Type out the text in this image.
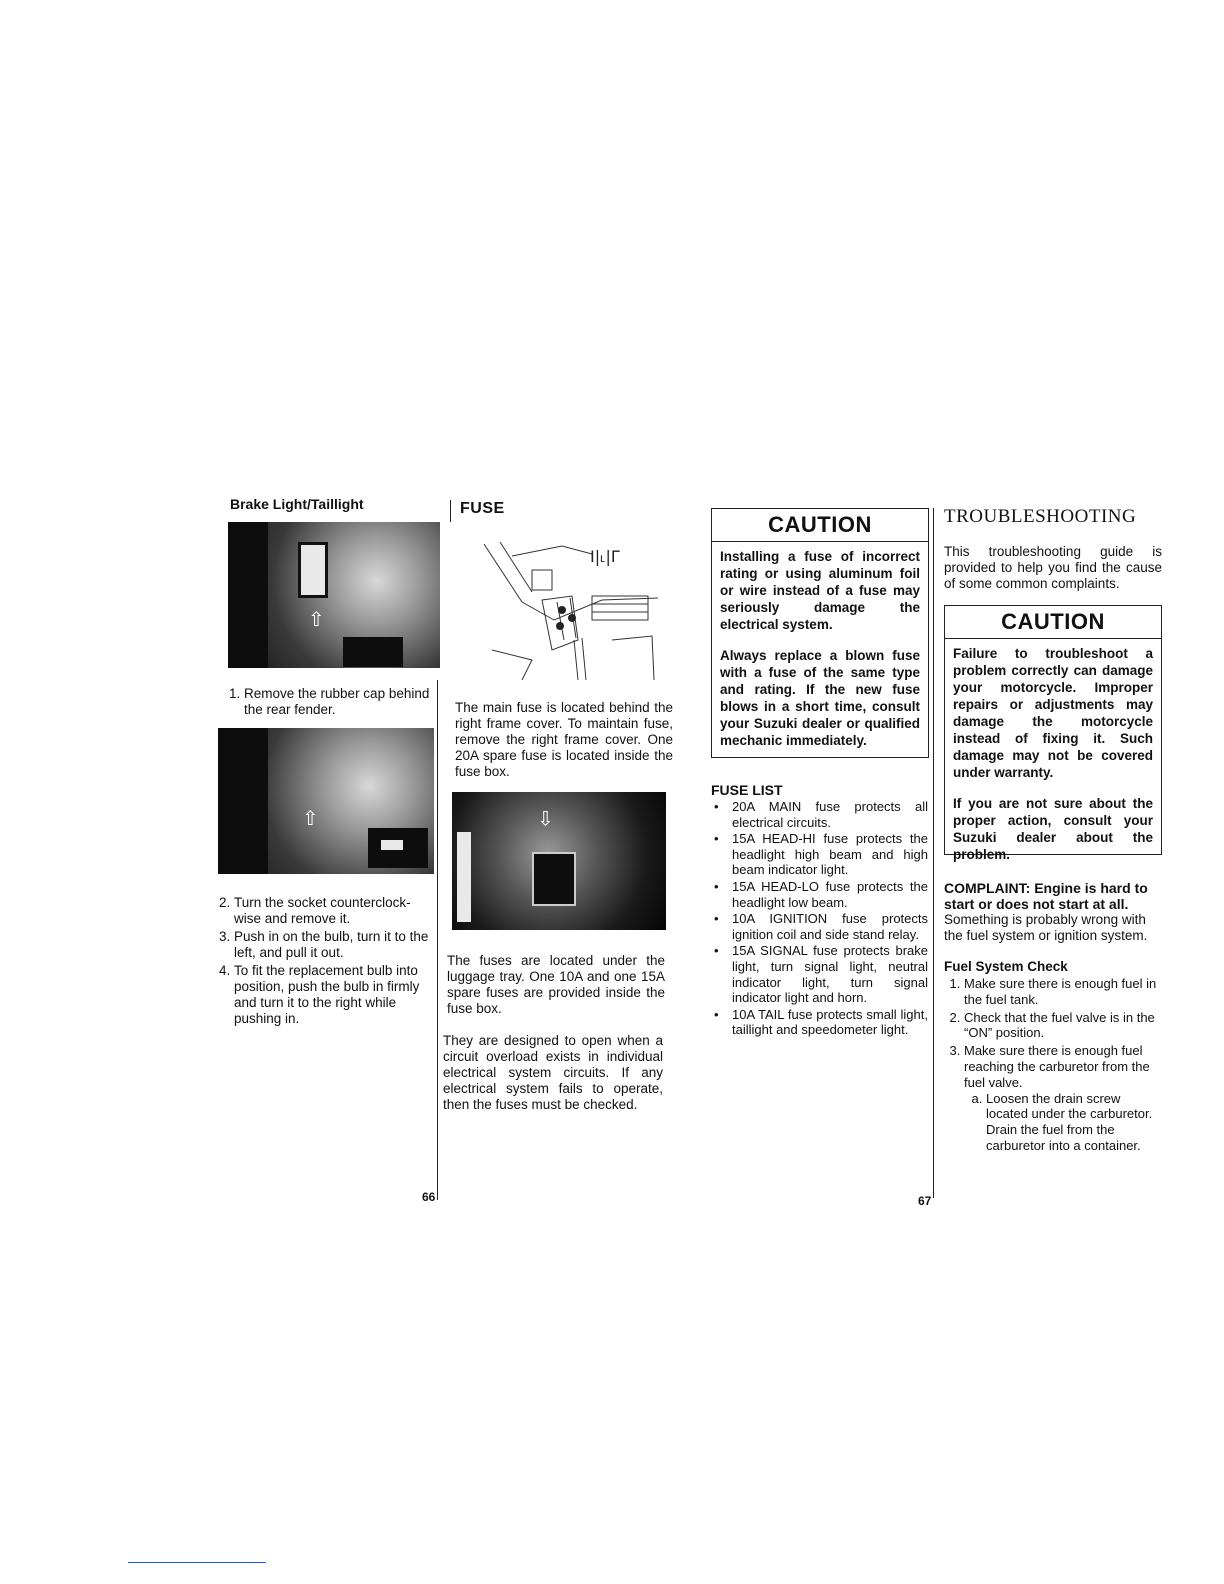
Brake Light/Taillight
⇧
1. Remove the rubber cap behind the rear fender.
⇧
2. Turn the socket counterclock-wise and remove it.
3. Push in on the bulb, turn it to the left, and pull it out.
4. To fit the replacement bulb into position, push the bulb in firmly and turn it to the right while pushing in.
FUSE
I|˪|Γ
The main fuse is located behind the right frame cover. To maintain fuse, remove the right frame cover. One 20A spare fuse is located inside the fuse box.
⇧
The fuses are located under the luggage tray. One 10A and one 15A spare fuses are provided inside the fuse box.
They are designed to open when a circuit overload exists in individual electrical system circuits. If any electrical system fails to operate, then the fuses must be checked.
66
CAUTION

Installing a fuse of incorrect rating or using aluminum foil or wire instead of a fuse may seriously damage the electrical system.

Always replace a blown fuse with a fuse of the same type and rating. If the new fuse blows in a short time, consult your Suzuki dealer or qualified mechanic immediately.

FUSE LIST
• 20A MAIN fuse protects all electrical circuits.
• 15A HEAD-HI fuse protects the headlight high beam and high beam indicator light.
• 15A HEAD-LO fuse protects the headlight low beam.
• 10A IGNITION fuse protects ignition coil and side stand relay.
• 15A SIGNAL fuse protects brake light, turn signal light, neutral indicator light, turn signal indicator light and horn.
• 10A TAIL fuse protects small light, taillight and speedometer light.
TROUBLESHOOTING
This troubleshooting guide is provided to help you find the cause of some common complaints.
CAUTION

Failure to troubleshoot a problem correctly can damage your motorcycle. Improper repairs or adjustments may damage the motorcycle instead of fixing it. Such damage may not be covered under warranty.

If you are not sure about the proper action, consult your Suzuki dealer about the problem.

COMPLAINT: Engine is hard to start or does not start at all.
Something is probably wrong with the fuel system or ignition system.
Fuel System Check
1. Make sure there is enough fuel in the fuel tank.
2. Check that the fuel valve is in the “ON” position.
3. Make sure there is enough fuel reaching the carburetor from the fuel valve.
a. Loosen the drain screw located under the carburetor. Drain the fuel from the carburetor into a container.
67
